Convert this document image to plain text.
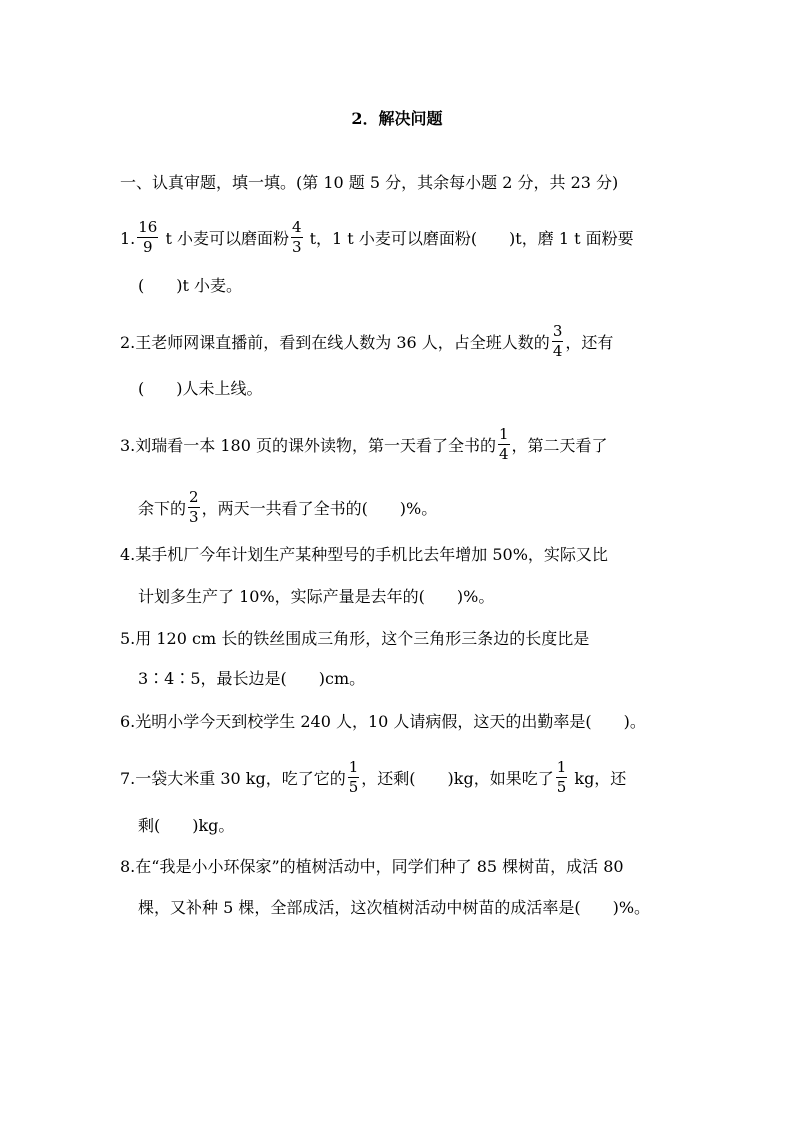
2．解决问题
一、认真审题，填一填。(第 10 题 5 分，其余每小题 2 分，共 23 分)
1. $\frac{16}{9}$ t 小麦可以磨面粉 $\frac{4}{3}$ t，1 t 小麦可以磨面粉(　　)t，磨 1 t 面粉要
(　　)t 小麦。
2.王老师网课直播前，看到在线人数为 36 人，占全班人数的 $\frac{3}{4}$ ，还有
(　　)人未上线。
3.刘瑞看一本 180 页的课外读物，第一天看了全书的 $\frac{1}{4}$ ，第二天看了
余下的 $\frac{2}{3}$ ，两天一共看了全书的(　　)%。
4.某手机厂今年计划生产某种型号的手机比去年增加 50%，实际又比
计划多生产了 10%，实际产量是去年的(　　)%。
5.用 120 cm 长的铁丝围成三角形，这个三角形三条边的长度比是
3∶4∶5，最长边是(　　)cm。
6.光明小学今天到校学生 240 人，10 人请病假，这天的出勤率是(　　)。
7.一袋大米重 30 kg，吃了它的 $\frac{1}{5}$ ，还剩(　　)kg，如果吃了 $\frac{1}{5}$ kg，还
剩(　　)kg。
8.在“我是小小环保家”的植树活动中，同学们种了 85 棵树苗，成活 80
棵，又补种 5 棵，全部成活，这次植树活动中树苗的成活率是(　　)%。
